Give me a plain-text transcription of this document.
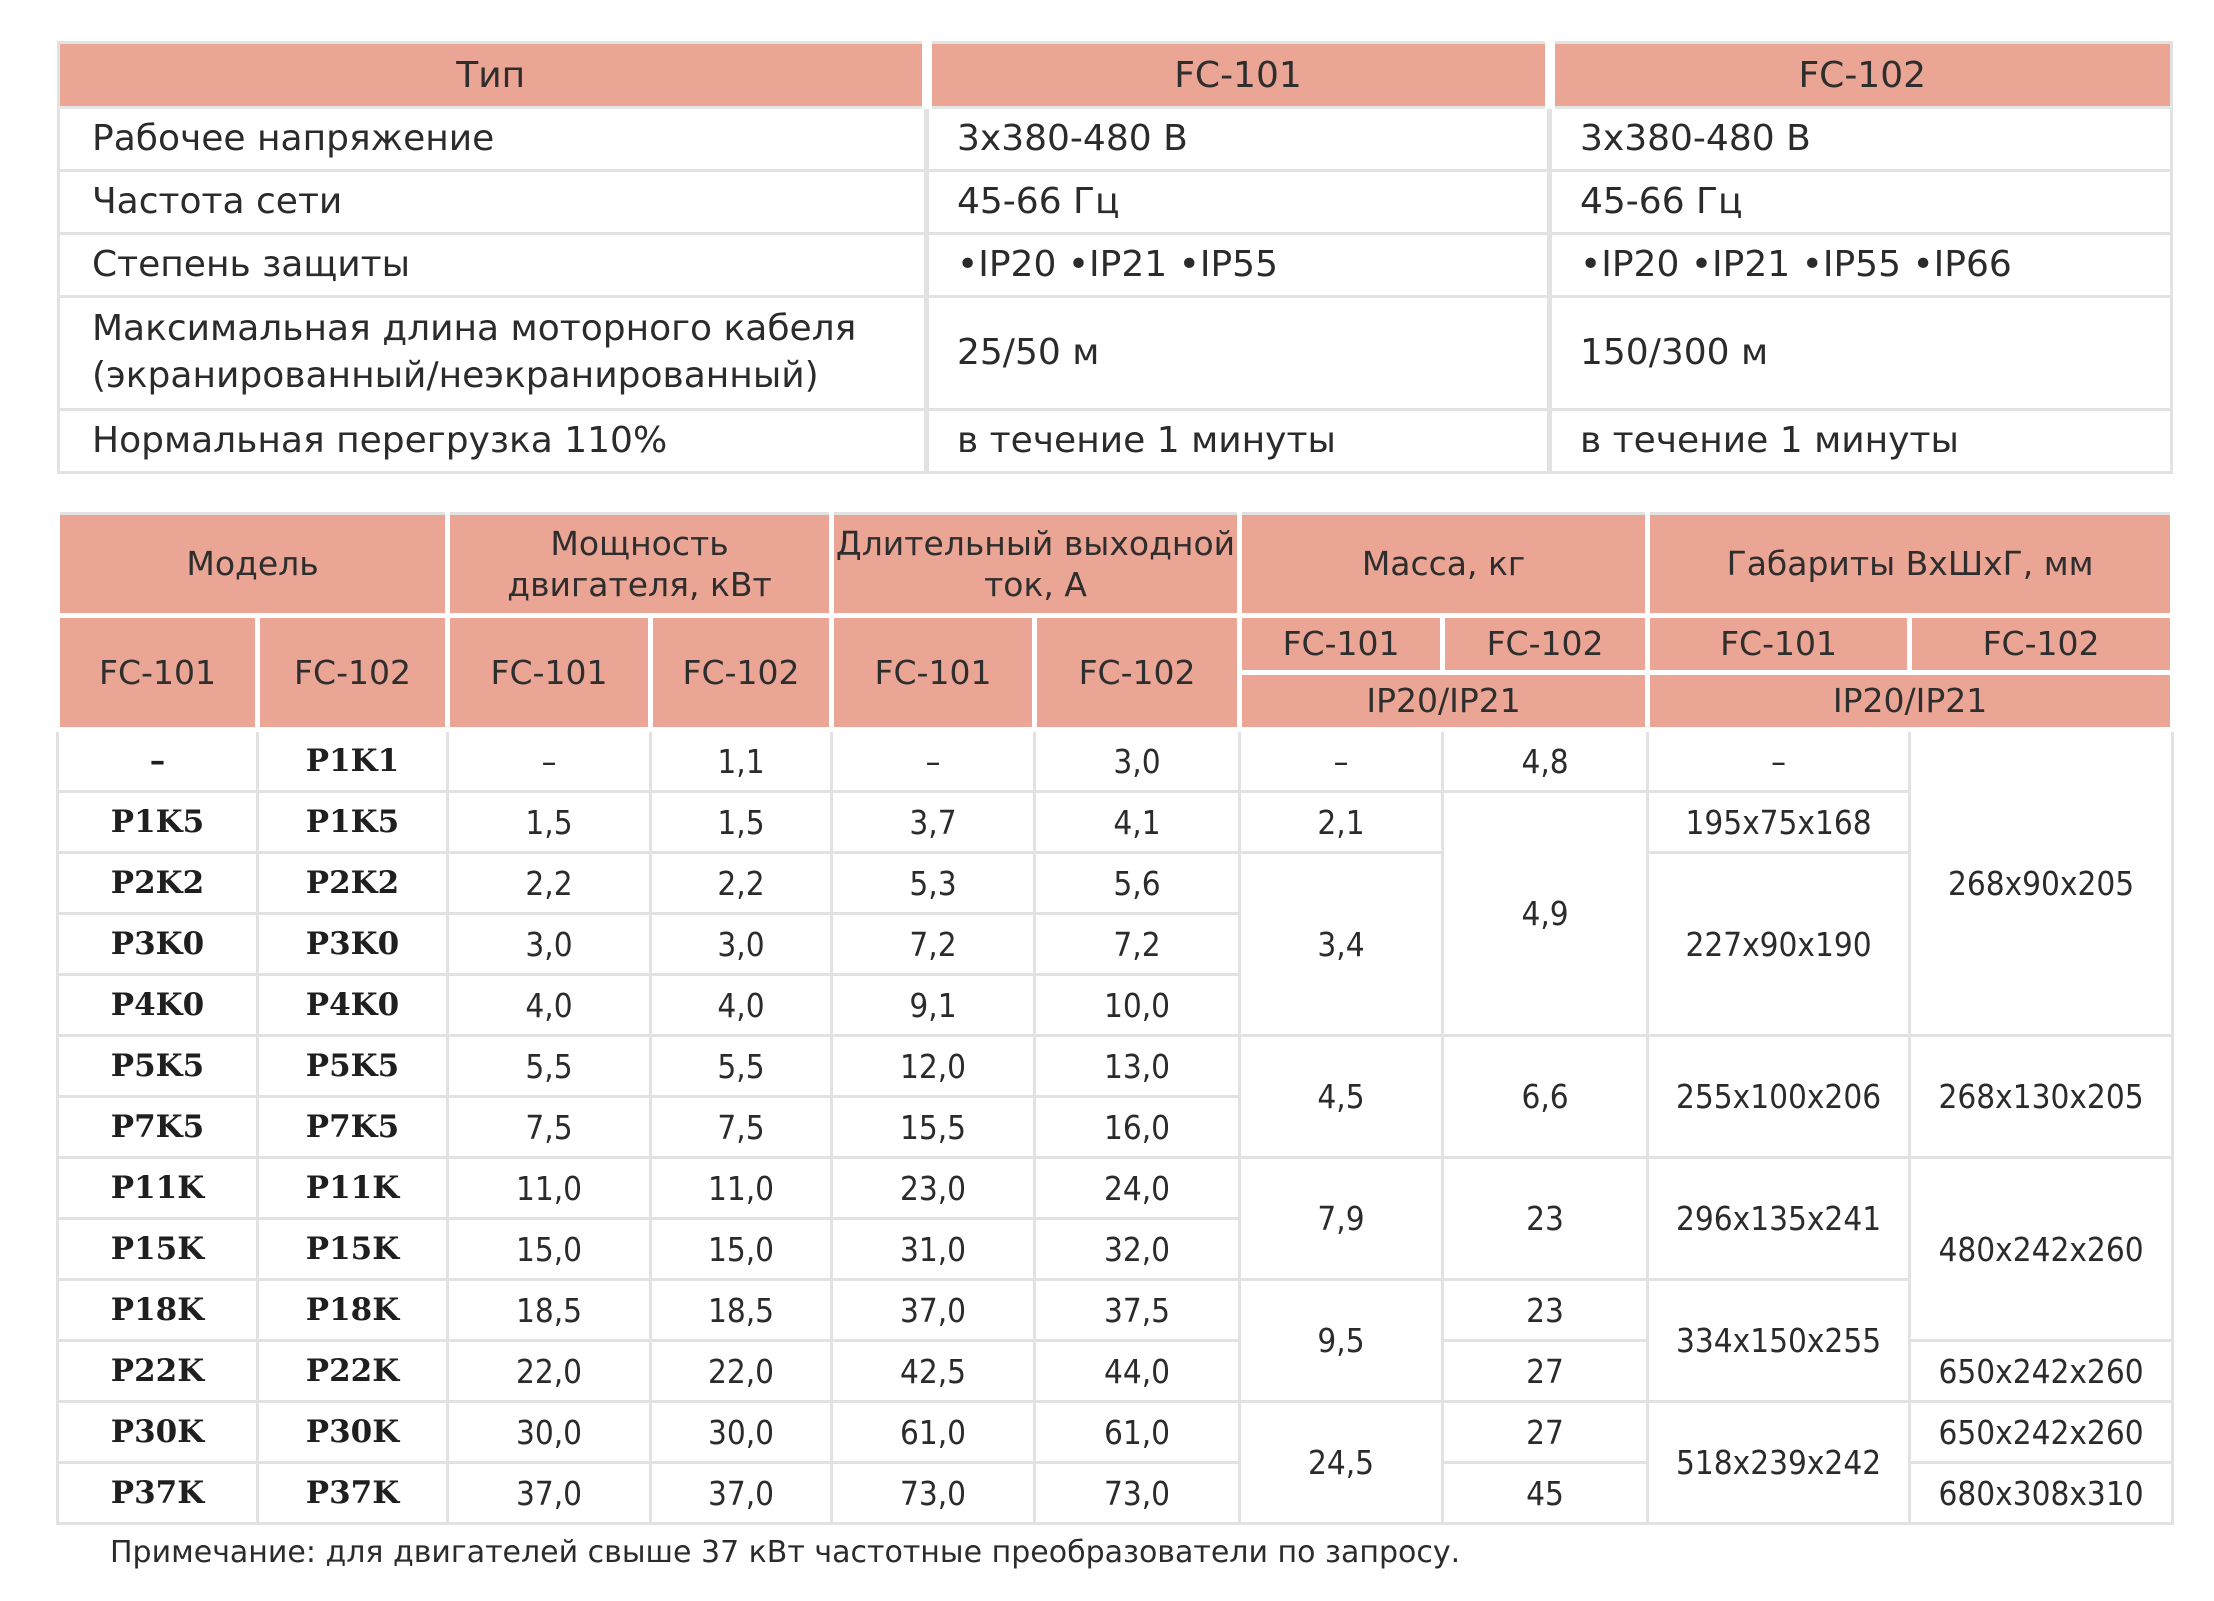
Тип	FC-101	FC-102
Рабочее напряжение	3x380-480 В	3x380-480 В
Частота сети	45-66 Гц	45-66 Гц
Степень защиты	•IP20 •IP21 •IP55	•IP20 •IP21 •IP55 •IP66

Максимальная длина моторного кабеля
(экранированный/неэкранированный)	25/50 м	150/300 м
Нормальная перегрузка 110%	в течение 1 минуты	в течение 1 минуты
Модель		Мощность двигателя, кВт		Длительный выходной ток, А		Масса, кг		Габариты ВxШxГ, мм	
FC-101	FC-102	FC-101	FC-102	FC-101	FC-102	FC-101	FC-102	FC-101	FC-102
						IP20/IP21		IP20/IP21	
–	P1K1	–	1,1	–	3,0	–	4,8	–	268x90x205
P1K5	P1K5	1,5	1,5	3,7	4,1	2,1	4,9	195x75x168	
P2K2	P2K2	2,2	2,2	5,3	5,6	3,4		227x90x190	
P3K0	P3K0	3,0	3,0	7,2	7,2				
P4K0	P4K0	4,0	4,0	9,1	10,0				
P5K5	P5K5	5,5	5,5	12,0	13,0	4,5	6,6	255x100x206	268x130x205
P7K5	P7K5	7,5	7,5	15,5	16,0				
P11K	P11K	11,0	11,0	23,0	24,0	7,9	23	296x135x241	480x242x260
P15K	P15K	15,0	15,0	31,0	32,0				
P18K	P18K	18,5	18,5	37,0	37,5	9,5	23	334x150x255	
P22K	P22K	22,0	22,0	42,5	44,0		27		650x242x260
P30K	P30K	30,0	30,0	61,0	61,0	24,5	27	518x239x242	650x242x260
P37K	P37K	37,0	37,0	73,0	73,0		45		680x308x310
Примечание: для двигателей свыше 37 кВт частотные преобразователи по запросу.
